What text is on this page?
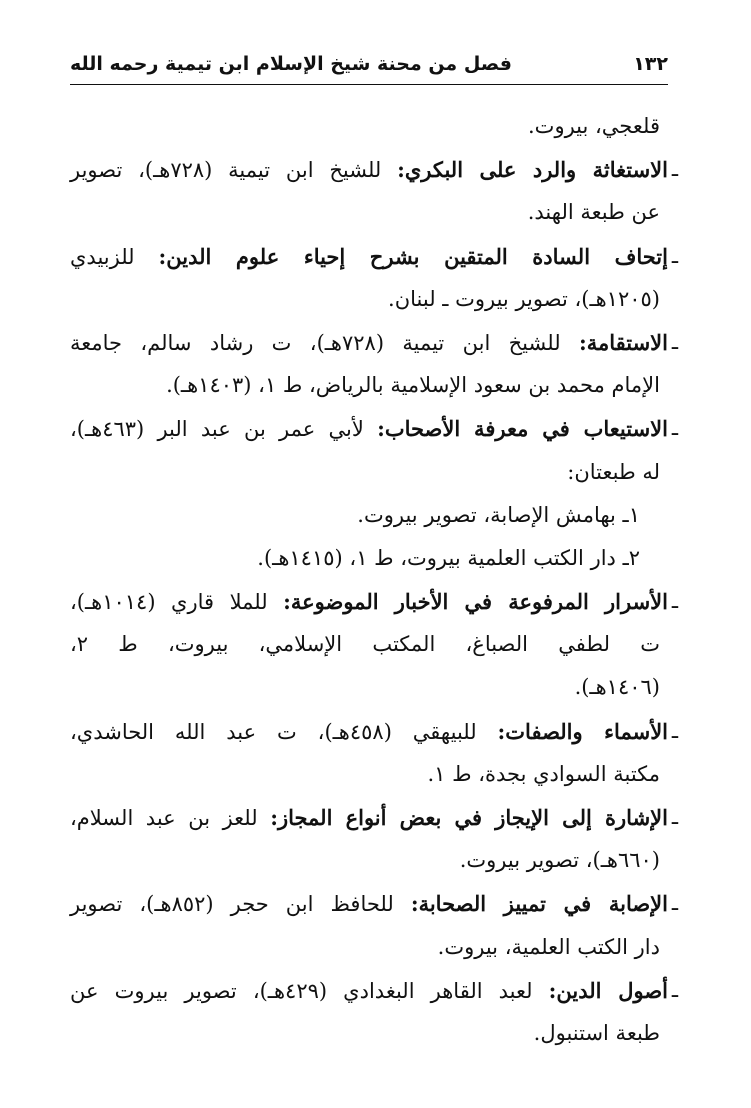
١٣٢
فصل من محنة شيخ الإسلام ابن تيمية رحمه الله
قلعجي، بيروت.
ـ
الاستغاثة والرد على البكري: للشيخ ابن تيمية (٧٢٨هـ)، تصوير
عن طبعة الهند.
ـ
إتحاف السادة المتقين بشرح إحياء علوم الدين: للزبيدي
(١٢٠٥هـ)، تصوير بيروت ـ لبنان.
ـ
الاستقامة: للشيخ ابن تيمية (٧٢٨هـ)، ت رشاد سالم، جامعة
الإمام محمد بن سعود الإسلامية بالرياض، ط ١، (١٤٠٣هـ).
ـ
الاستيعاب في معرفة الأصحاب: لأبي عمر بن عبد البر (٤٦٣هـ)،
له طبعتان:
١ـ بهامش الإصابة، تصوير بيروت.
٢ـ دار الكتب العلمية بيروت، ط ١، (١٤١٥هـ).
ـ
الأسرار المرفوعة في الأخبار الموضوعة: للملا قاري (١٠١٤هـ)،
ت لطفي الصباغ، المكتب الإسلامي، بيروت، ط ٢،
(١٤٠٦هـ).
ـ
الأسماء والصفات: للبيهقي (٤٥٨هـ)، ت عبد الله الحاشدي،
مكتبة السوادي بجدة، ط ١.
ـ
الإشارة إلى الإيجاز في بعض أنواع المجاز: للعز بن عبد السلام،
(٦٦٠هـ)، تصوير بيروت.
ـ
الإصابة في تمييز الصحابة: للحافظ ابن حجر (٨٥٢هـ)، تصوير
دار الكتب العلمية، بيروت.
ـ
أصول الدين: لعبد القاهر البغدادي (٤٢٩هـ)، تصوير بيروت عن
طبعة استنبول.
